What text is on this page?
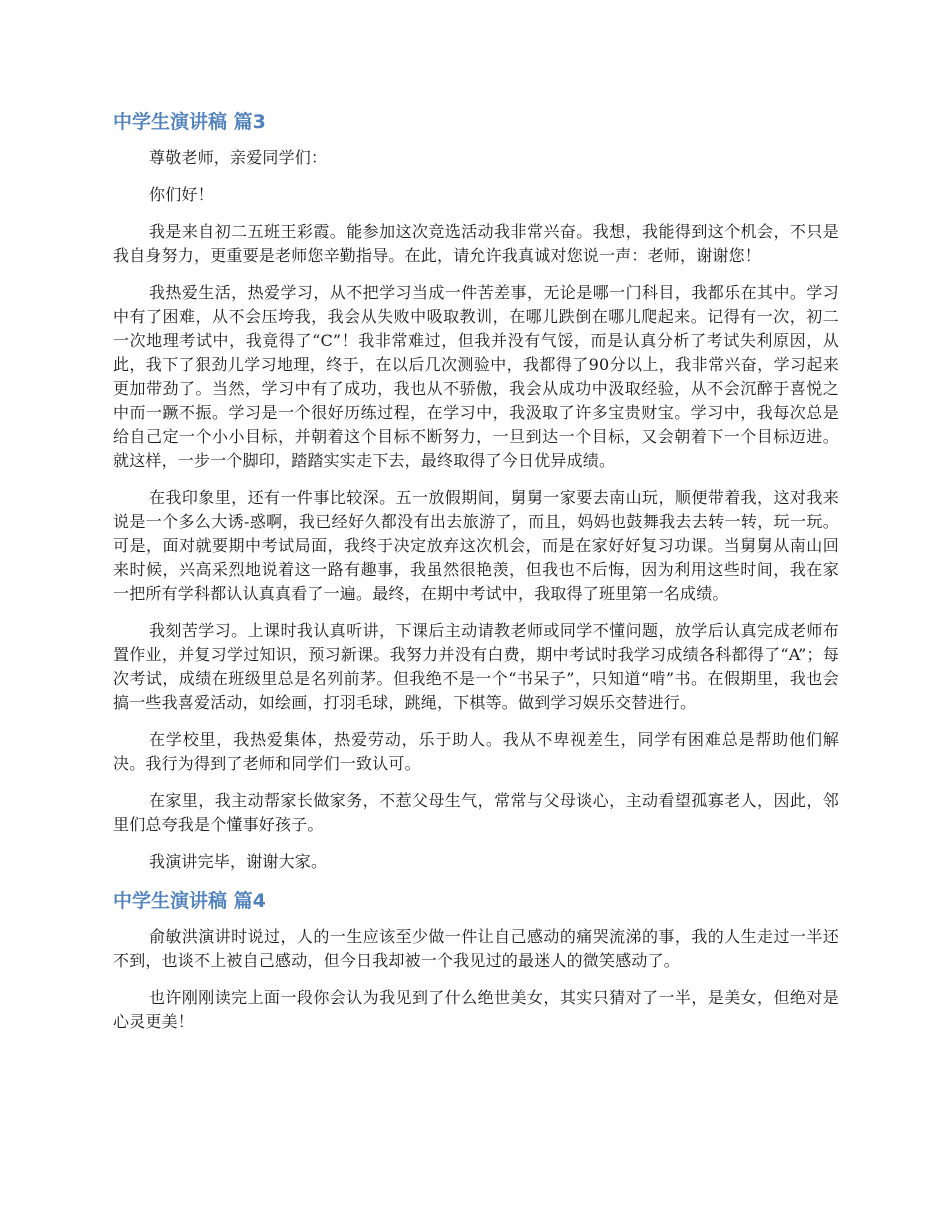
中学生演讲稿 篇3

尊敬老师，亲爱同学们：

你们好！

我是来自初二五班王彩霞。能参加这次竞选活动我非常兴奋。我想，我能得到这个机会，不只是我自身努力，更重要是老师您辛勤指导。在此，请允许我真诚对您说一声：老师，谢谢您！

我热爱生活，热爱学习，从不把学习当成一件苦差事，无论是哪一门科目，我都乐在其中。学习中有了困难，从不会压垮我，我会从失败中吸取教训，在哪儿跌倒在哪儿爬起来。记得有一次，初二一次地理考试中，我竟得了“C”！我非常难过，但我并没有气馁，而是认真分析了考试失利原因，从此，我下了狠劲儿学习地理，终于，在以后几次测验中，我都得了90分以上，我非常兴奋，学习起来更加带劲了。当然，学习中有了成功，我也从不骄傲，我会从成功中汲取经验，从不会沉醉于喜悦之中而一蹶不振。学习是一个很好历练过程，在学习中，我汲取了许多宝贵财宝。学习中，我每次总是给自己定一个小小目标，并朝着这个目标不断努力，一旦到达一个目标，又会朝着下一个目标迈进。就这样，一步一个脚印，踏踏实实走下去，最终取得了今日优异成绩。

在我印象里，还有一件事比较深。五一放假期间，舅舅一家要去南山玩，顺便带着我，这对我来说是一个多么大诱-惑啊，我已经好久都没有出去旅游了，而且，妈妈也鼓舞我去去转一转，玩一玩。可是，面对就要期中考试局面，我终于决定放弃这次机会，而是在家好好复习功课。当舅舅从南山回来时候，兴高采烈地说着这一路有趣事，我虽然很艳羡，但我也不后悔，因为利用这些时间，我在家一把所有学科都认认真真看了一遍。最终，在期中考试中，我取得了班里第一名成绩。

我刻苦学习。上课时我认真听讲，下课后主动请教老师或同学不懂问题，放学后认真完成老师布置作业，并复习学过知识，预习新课。我努力并没有白费，期中考试时我学习成绩各科都得了“A”；每次考试，成绩在班级里总是名列前茅。但我绝不是一个“书呆子”，只知道“啃”书。在假期里，我也会搞一些我喜爱活动，如绘画，打羽毛球，跳绳，下棋等。做到学习娱乐交替进行。

在学校里，我热爱集体，热爱劳动，乐于助人。我从不卑视差生，同学有困难总是帮助他们解决。我行为得到了老师和同学们一致认可。

在家里，我主动帮家长做家务，不惹父母生气，常常与父母谈心，主动看望孤寡老人，因此，邻里们总夸我是个懂事好孩子。

我演讲完毕，谢谢大家。

中学生演讲稿 篇4

俞敏洪演讲时说过，人的一生应该至少做一件让自己感动的痛哭流涕的事，我的人生走过一半还不到，也谈不上被自己感动，但今日我却被一个我见过的最迷人的微笑感动了。

也许刚刚读完上面一段你会认为我见到了什么绝世美女，其实只猜对了一半，是美女，但绝对是心灵更美！
